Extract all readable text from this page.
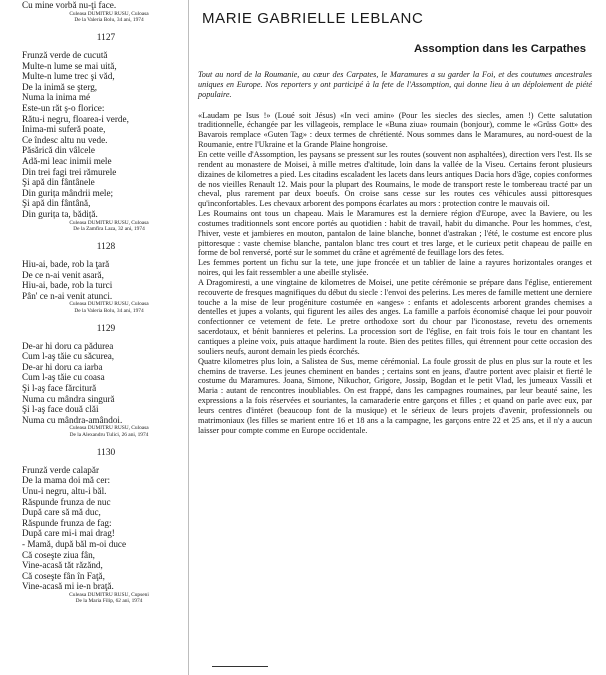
Cu mine vorbă nu-ţi face.
Culeasa DUMITRU RUSU, Culoasa
De la Valeria Bolu, 34 ani, 1974
1127
Frunză verde de cucută
Multe-n lume se mai uită,
Multe-n lume trec şi văd,
De la inimă se şterg,
Numa la inima mé
Este-un răt ş-o florice:
Rătu-i negru, floarea-i verde,
Inima-mi suferă poate,
Ce îndesc altu nu vede.
Păsărică din vâlcele
Adă-mi leac inimii mele
Din trei fagi trei rămurele
Şi apă din fântânele
Din gurița mândrii mele;
Şi apă din fântână,
Din gurița ta, bădiță.
Culeasa DUMITRU RUSU, Culoasa
De la Zamfira Laza, 32 ani, 1974
1128
Hiu-ai, bade, rob la ţară
De ce n-ai venit asară,
Hiu-ai, bade, rob la turci
Pân' ce n-ai venit atunci.
Culeasa DUMITRU RUSU, Culoasa
De la Valeria Bolu, 34 ani, 1974
1129
De-ar hi doru ca pădurea
Cum l-aş tăie cu săcurea,
De-ar hi doru ca iarba
Cum l-aş tăie cu coasa
Şi l-aş face fărcitură
Numa cu mândra singură
Şi l-aş face două clăi
Numa cu mândra-amândoi.
Culeasa DUMITRU RUSU, Culoasa
De la Alexandru Tulici, 26 ani, 1974
1130
Frunză verde calapăr
De la mama doi mă cer:
Unu-i negru, altu-i băl.
Răspunde frunza de nuc
După care să mă duc,
Răspunde frunza de fag:
După care mi-i mai drag!
- Mamă, după băl m-oi duce
Că coseşte ziua fân,
Vine-acasă tăt răzănd,
Că coseşte fân în Faţă,
Vine-acasă mi ie-n braţă.
Culeasa DUMITRU RUSU, Cupseni
De la Maria Filip, 62 ani, 1974
MARIE GABRIELLE LEBLANC
Assomption dans les Carpathes
Tout au nord de la Roumanie, au cœur des Carpates, le Maramures a su garder la Foi, et des coutumes ancestrales uniques en Europe. Nos reporters y ont participé à la fete de l'Assomption, qui donne lieu à un déploiement de piété populaire.

«Laudam pe Isus !» (Loué soit Jésus) «In veci amin» (Pour les siecles des siecles, amen !) Cette salutation traditionnelle, échangée par les villageois, remplace le «Buna ziua» roumain (bonjour), comme le «Grüss Gott» des Bavarois remplace «Guten Tag» : deux termes de chrétienté. Nous sommes dans le Maramures, au nord-ouest de la Roumanie, entre l'Ukraine et la Grande Plaine hongroise.

En cette veille d'Assomption, les paysans se pressent sur les routes (souvent non asphaltées), direction vers l'est. Ils se rendent au monastere de Moisei, à mille metres d'altitude, loin dans la vallée de la Viseu. Certains feront plusieurs dizaines de kilometres a pied. Les citadins escaladent les lacets dans leurs antiques Dacia hors d'âge, copies conformes de nos vieilles Renault 12. Mais pour la plupart des Roumains, le mode de transport reste le tombereau tracté par un cheval, plus rarement par deux boeufs. On croise sans cesse sur les routes ces véhicules aussi pittoresques qu'inconfortables. Les chevaux arborent des pompons écarlates au mors : protection contre le mauvais oil.

Les Roumains ont tous un chapeau. Mais le Maramures est la derniere région d'Europe, avec la Baviere, ou les costumes traditionnels sont encore portés au quotidien : habit de travail, habit du dimanche. Pour les hommes, c'est, l'hiver, veste et jambieres en mouton, pantalon de laine blanche, bonnet d'astrakan ; l'été, le costume est encore plus pittoresque : vaste chemise blanche, pantalon blanc tres court et tres large, et le curieux petit chapeau de paille en forme de bol renversé, porté sur le sommet du crâne et agrémenté de feuillage lors des fetes.

Les femmes portent un fichu sur la tete, une jupe froncée et un tablier de laine a rayures horizontales oranges et noires, qui les fait ressembler a une abeille stylisée.

A Dragomiresti, a une vingtaine de kilometres de Moisei, une petite cérémonie se prépare dans l'église, entierement recouverte de fresques magnifiques du début du siecle : l'envoi des pelerins. Les meres de famille mettent une derniere touche a la mise de leur progéniture costumée en «anges» : enfants et adolescents arborent grandes chemises a dentelles et jupes a volants, qui figurent les ailes des anges. La famille a parfois économisé chaque lei pour pouvoir confectionner ce vetement de fete. Le pretre orthodoxe sort du chour par l'iconostase, revetu des ornements sacerdotaux, et bénit bannieres et pelerins. La procession sort de l'église, en fait trois fois le tour en chantant les cantiques a pleine voix, puis attaque hardiment la route. Bien des petites filles, qui étrennent pour cette occasion des souliers neufs, auront demain les pieds écorchés.

Quatre kilometres plus loin, a Salistea de Sus, meme cérémonial. La foule grossit de plus en plus sur la route et les chemins de traverse. Les jeunes cheminent en bandes ; certains sont en jeans, d'autre portent avec plaisir et fierté le costume du Maramures. Joana, Simone, Nikuchor, Grigore, Jossip, Bogdan et le petit Vlad, les jumeaux Vassili et Maria : autant de rencontres inoubliables. On est frappé, dans les campagnes roumaines, par leur beauté saine, les expressions a la fois réservées et souriantes, la camaraderie entre garçons et filles ; et quand on parle avec eux, par leurs centres d'intéret (beaucoup font de la musique) et le sérieux de leurs projets d'avenir, professionnels ou matrimoniaux (les filles se marient entre 16 et 18 ans a la campagne, les garçons entre 22 et 25 ans, et il n'y a aucun laisser pour compte comme en Europe occidentale.
